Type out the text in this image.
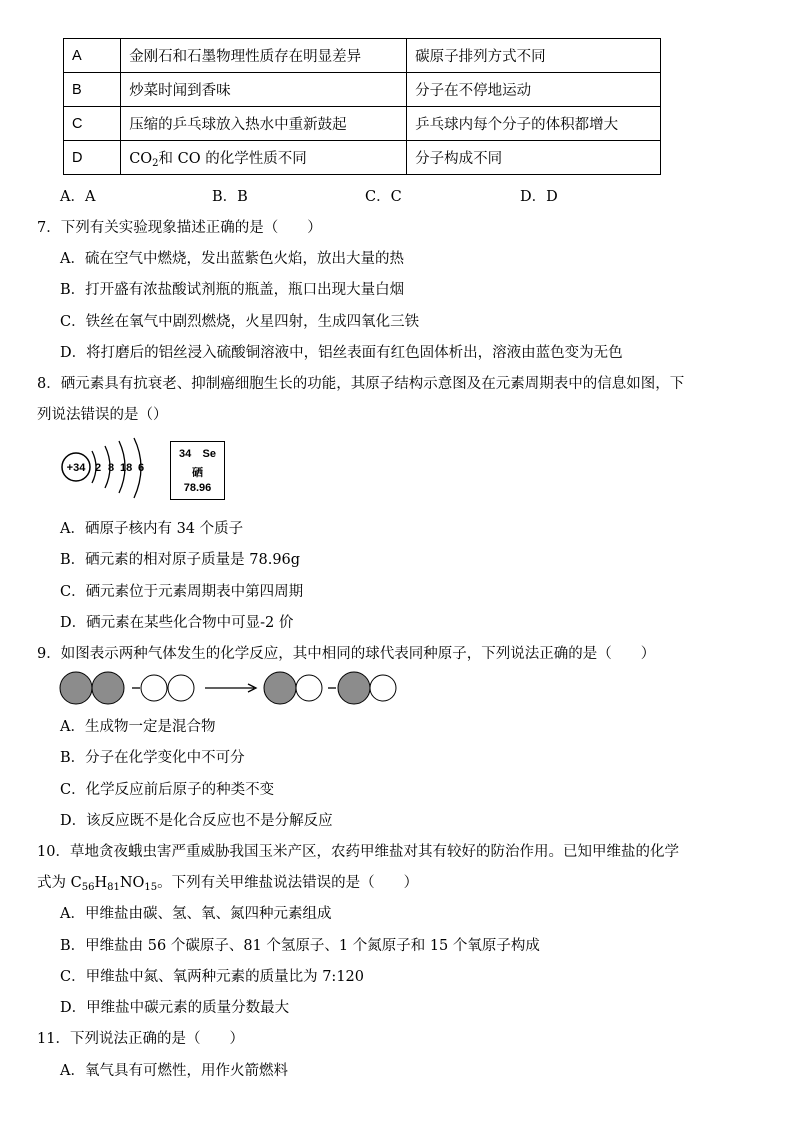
A	金刚石和石墨物理性质存在明显差异	碳原子排列方式不同
B	炒菜时闻到香味	分子在不停地运动
C	压缩的乒乓球放入热水中重新鼓起	乒乓球内每个分子的体积都增大
D	$CO_2$和 CO 的化学性质不同	分子构成不同
A．A	B．B	C．C	D．D
7．下列有关实验现象描述正确的是（　　）
A．硫在空气中燃烧，发出蓝紫色火焰，放出大量的热
B．打开盛有浓盐酸试剂瓶的瓶盖，瓶口出现大量白烟
C．铁丝在氧气中剧烈燃烧，火星四射，生成四氧化三铁
D．将打磨后的铝丝浸入硫酸铜溶液中，铝丝表面有红色固体析出，溶液由蓝色变为无色
8．硒元素具有抗衰老、抑制癌细胞生长的功能，其原子结构示意图及在元素周期表中的信息如图，下
列说法错误的是（）
+34 2 8 18 6
34 Se
硒
78.96
A．硒原子核内有 34 个质子
B．硒元素的相对原子质量是 78.96g
C．硒元素位于元素周期表中第四周期
D．硒元素在某些化合物中可显-2 价
9．如图表示两种气体发生的化学反应，其中相同的球代表同种原子，下列说法正确的是（　　）
A．生成物一定是混合物
B．分子在化学变化中不可分
C．化学反应前后原子的种类不变
D．该反应既不是化合反应也不是分解反应
10．草地贪夜蛾虫害严重威胁我国玉米产区，农药甲维盐对其有较好的防治作用。已知甲维盐的化学
式为 $C_{56}H_{81}NO_{15}$。下列有关甲维盐说法错误的是（　　）
A．甲维盐由碳、氢、氧、氮四种元素组成
B．甲维盐由 56 个碳原子、81 个氢原子、1 个氮原子和 15 个氧原子构成
C．甲维盐中氮、氧两种元素的质量比为 7:120
D．甲维盐中碳元素的质量分数最大
11．下列说法正确的是（　　）
A．氧气具有可燃性，用作火箭燃料
